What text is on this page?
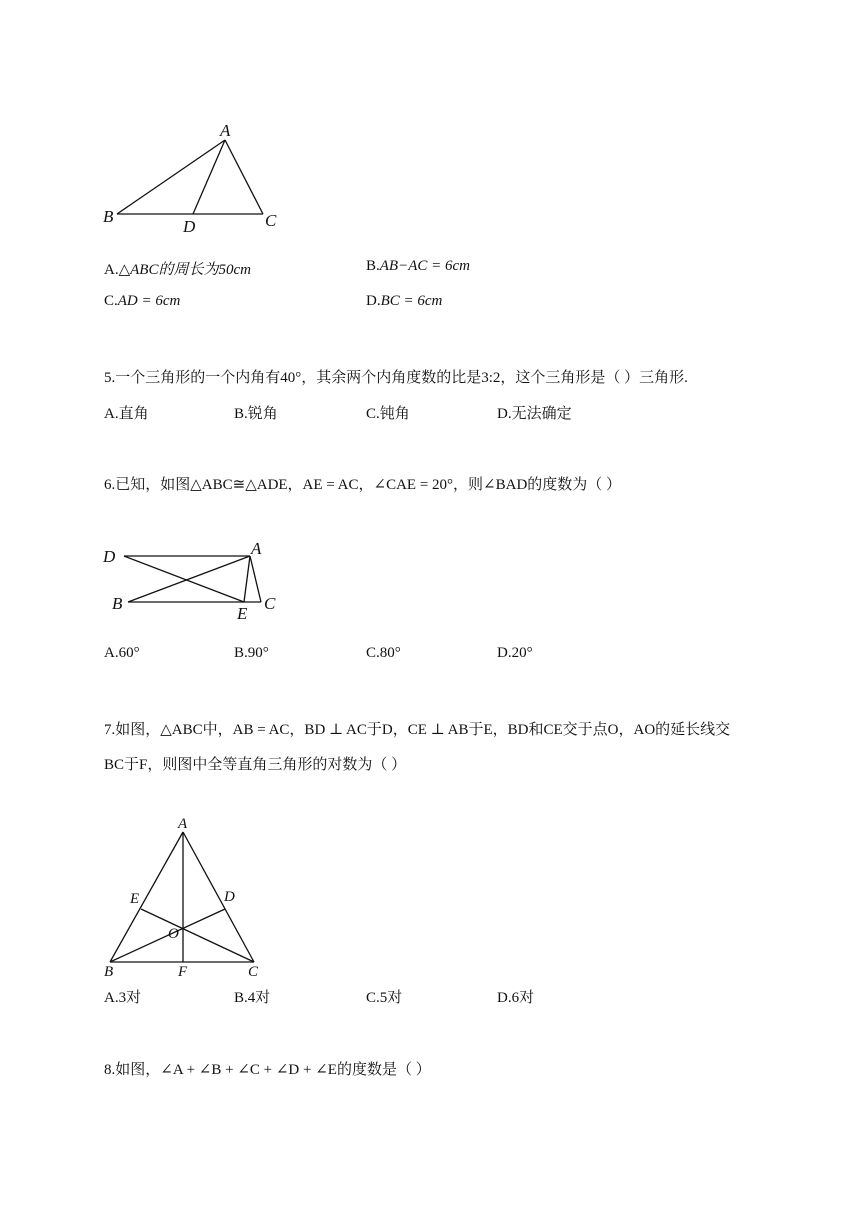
A
B	C
D
A.△ABC的周长为50cm	B.AB−AC = 6cm
C.AD = 6cm	D.BC = 6cm
5.一个三角形的一个内角有40°，其余两个内角度数的比是3:2，这个三角形是（ ）三角形.
A.直角	B.锐角	C.钝角	D.无法确定
6.已知，如图△ABC≅△ADE，AE = AC，∠CAE = 20°，则∠BAD的度数为（ ）
D	A
B
E
C
A.60°	B.90°	C.80°	D.20°
7.如图，△ABC中，AB = AC，BD ⊥ AC于D，CE ⊥ AB于E，BD和CE交于点O，AO的延长线交
BC于F，则图中全等直角三角形的对数为（ ）
A
E	D
O
B	F	C
A.3对	B.4对	C.5对	D.6对
8.如图，∠A + ∠B + ∠C + ∠D + ∠E的度数是（ ）
